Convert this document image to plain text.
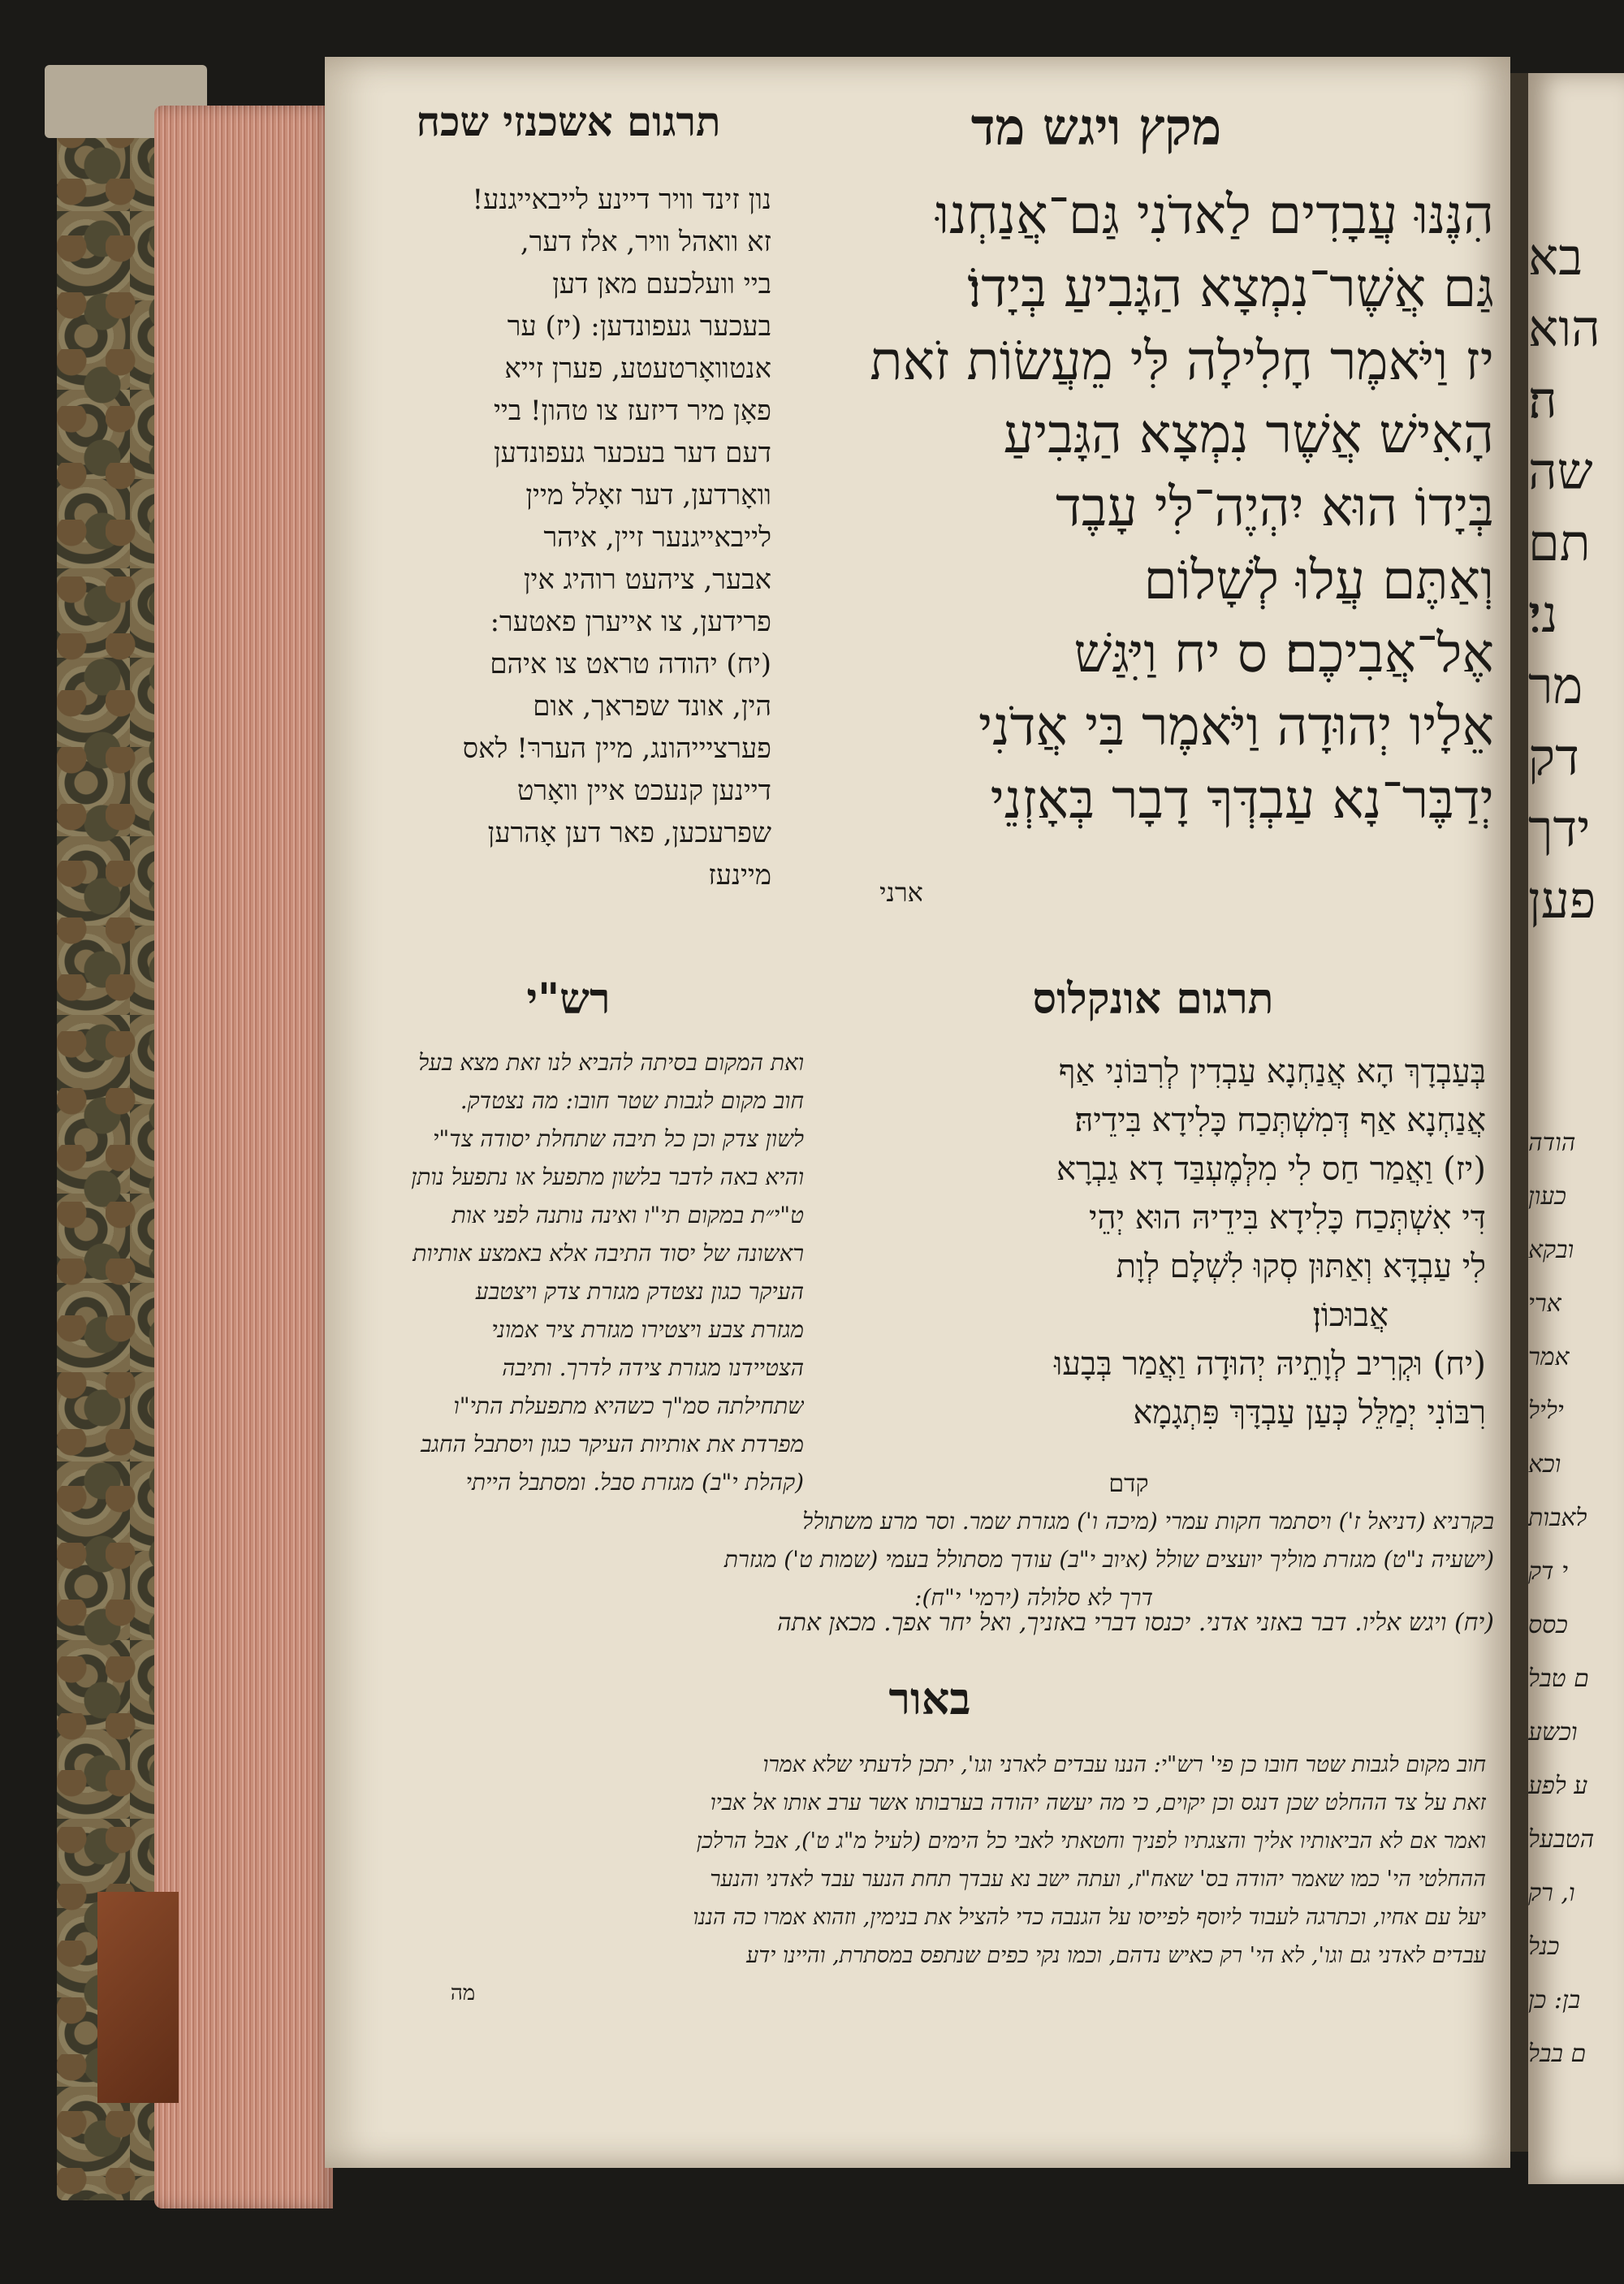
בא
הוא
ה׃
שה
תם
ני׃
מר
דק
ידך
פען
הודה
כעון
ובקא
ארי
אמר
יליל
וכא
לאבות
י דק
כסס
ם טבל
וכשע
ע לפע
הטבעל
ו, רק
כנל
בן: כן
ם בבל
מקץ ויגש מד
תרגום אשכנזי שכח
הִנֶּנּוּ עֲבָדִים לַאדֹנִי גַּם־אֲנַחְנוּ
גַּם אֲשֶׁר־נִמְצָא הַגָּבִיעַ בְּיָדוֹ׃
יז וַיֹּאמֶר חָלִילָה לִּי מֵעֲשׂוֹת זֹאת
הָאִישׁ אֲשֶׁר נִמְצָא הַגָּבִיעַ
בְּיָדוֹ הוּא יִהְיֶה־לִּי עָבֶד
וְאַתֶּם עֲלוּ לְשָׁלוֹם
אֶל־אֲבִיכֶם׃ ס יח וַיִּגַּשׁ
אֵלָיו יְהוּדָה וַיֹּאמֶר בִּי אֲדֹנִי
יְדַבֶּר־נָא עַבְדְּךָ דָבָר בְּאָזְנֵי
ארני
נון זינד וויר דיינע לייבאייגנע!
זא וואהל וויר, אלז דער,
ביי וועלכעם מאן דען
בעכער געפונדען: (יז) ער
אנטוואָרטעטע, פערן זייא
פאָן מיר דיזעז צו טהון! ביי
דעם דער בעכער געפונדען
וואָרדען, דער זאָלל מיין
לייבאייגנער זיין, איהר
אבער, ציהעט רוהיג אין
פרידען, צו אייערן פאטער:
(יח) יהודה טראט צו איהם
הין, אונד שפראך, אום
פערציייהונג, מיין העררּ! לאס
דיינען קנעכט איין וואָרט
שפרעכען, פאר דען אָהרען
מיינעז
רש"י	תרגום אונקלוס
בְּעַבְדָךְ הָא אֲנַחְנָא עַבְדִין לְרִבּוֹנִי אַף
אֲנַחְנָא אַף דְּמִשְׁתְּכַח כָּלִידָא בִּידֵיהּ׃
(יז) וַאֲמַר חַס לִי מִלְּמֶעְבַּד דָא גַבְרָא
דִּי אִשְׁתְּכַח כָּלִידָא בִּידֵיהּ הוּא יְהֵי
לִי עַבְדָּא וְאַתּוּן סְקוּ לִשְׁלָם לְוָת
אֲבוּכוֹן׃
(יח) וּקְרִיב לְוָתֵיהּ יְהוּדָה וַאֲמַר בְּבָעוּ
רִבּוֹנִי יְמַלֵּל כְּעַן עַבְדָּךְ פִּתְגָמָא
קדם
ואת המקום בסיתה להביא לנו זאת מצא בעל
חוב מקום לגבות שטר חובו: מה נצטדק.
לשון צדק וכן כל תיבה שתחלת יסודה צד"י
והיא באה לדבר בלשון מתפעל או נתפעל נותן
ט"י״ת במקום תי"ו ואינה נותנה לפני אות
ראשונה של יסוד התיבה אלא באמצע אותיות
העיקר כגון נצטדק מגזרת צדק ויצטבע
מגזרת צבע ויצטירו מגזרת ציר אמוני
הצטיידנו מגזרת צידה לדרך. ותיבה
שתחילתה סמ"ך כשהיא מתפעלת התי"ו
מפרדת את אותיות העיקר כגון ויסתבל החגב
(קהלת י"ב) מגזרת סבל. ומסתבל הייתי
בקרניא (דניאל ז') ויסתמר חקות עמרי (מיכה ו') מגזרת שמר. וסר מרע משתולל
(ישעיה נ"ט) מגזרת מוליך יועצים שולל (איוב י"ב) עודך מסתולל בעמי (שמות ט') מגזרת
דרך לא סלולה (ירמי' י"ח):
(יח) ויגש אליו. דבר באזני אדני. יכנסו דברי באזניך, ואל יחר אפך. מכאן אתה
באור
חוב מקום לגבות שטר חובו כן פי' רש"י: הננו עבדים לארני וגו', יתכן לדעתי שלא אמרו
זאת על צד ההחלט שכן דנגס וכן יקוים, כי מה יעשה יהודה בערבותו אשר ערב אותו אל אביו
ואמר אם לא הביאותיו אליך והצגתיו לפניך וחטאתי לאבי כל הימים (לעיל מ"ג ט'), אבל הרלכן
ההחלטי הי' כמו שאמר יהודה בס' שאח"ז, ועתה ישב נא עבדך תחת הנער עבד לאדני והנער
יעל עם אחיו, וכתרגה לעבוד ליוסף לפייסו על הגנבה כדי להציל את בנימין, וזהוא אמרו כה הננו
עבדים לאדני גם וגו', לא הי' רק כאיש נדהם, וכמו נקי כפים שנתפס במסתרת, והיינו ידע
מה
